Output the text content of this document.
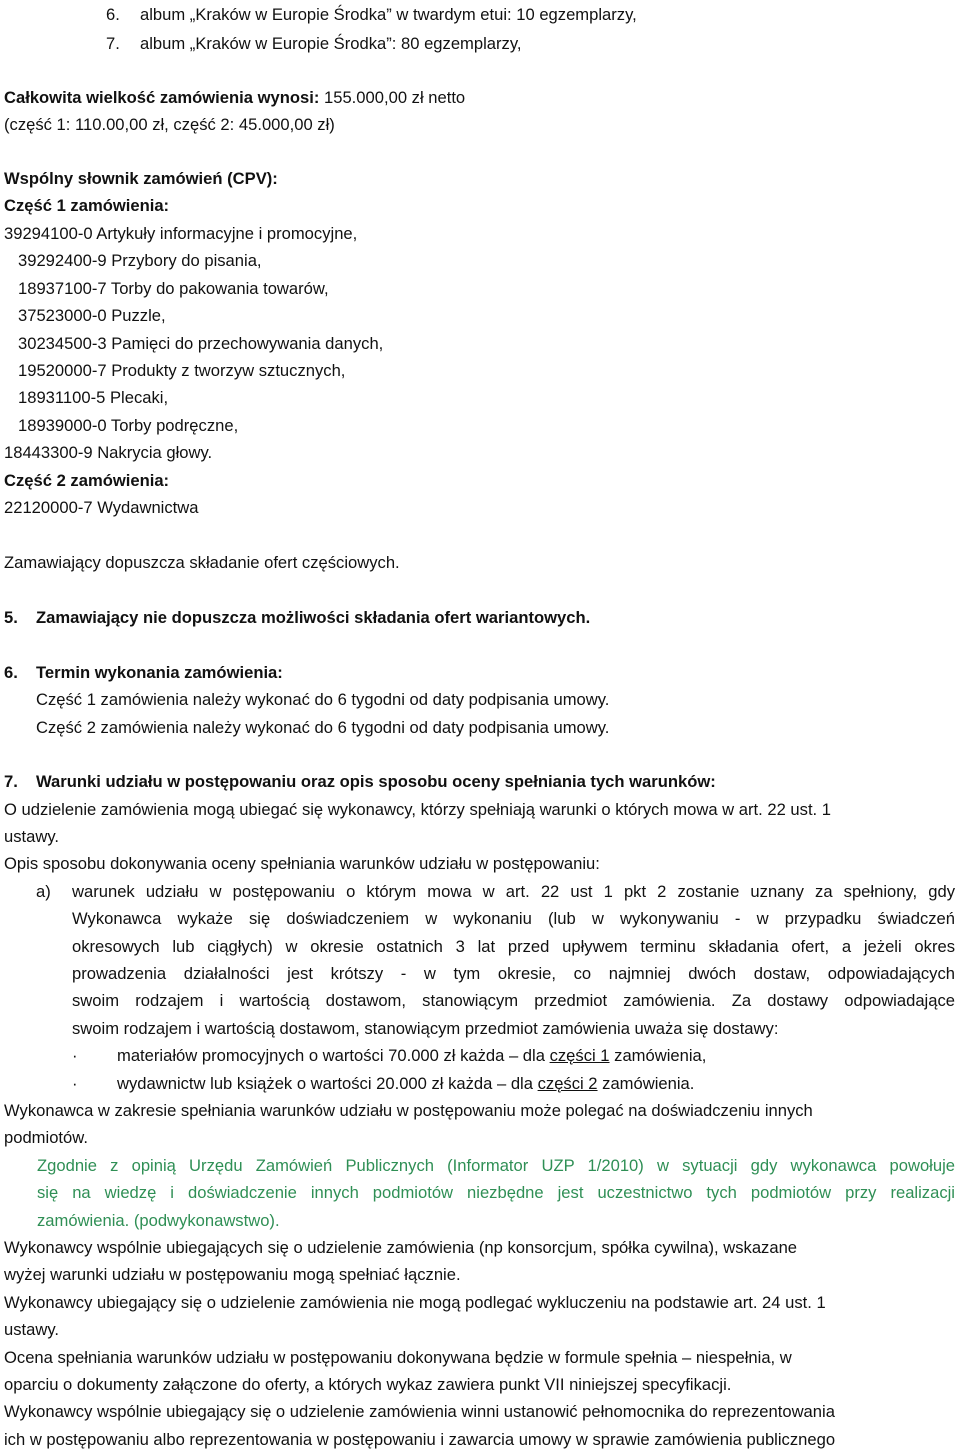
6. album „Kraków w Europie Środka” w twardym etui: 10 egzemplarzy,
7. album „Kraków w Europie Środka”: 80 egzemplarzy,
Całkowita wielkość zamówienia wynosi: 155.000,00 zł netto
(część 1: 110.00,00 zł, część 2: 45.000,00 zł)
Wspólny słownik zamówień (CPV):
Część 1 zamówienia:
39294100-0 Artykuły informacyjne i promocyjne,
39292400-9 Przybory do pisania,
18937100-7 Torby do pakowania towarów,
37523000-0 Puzzle,
30234500-3 Pamięci do przechowywania danych,
19520000-7 Produkty z tworzyw sztucznych,
18931100-5 Plecaki,
18939000-0 Torby podręczne,
18443300-9 Nakrycia głowy.
Część 2 zamówienia:
22120000-7 Wydawnictwa
Zamawiający dopuszcza składanie ofert częściowych.
5. Zamawiający nie dopuszcza możliwości składania ofert wariantowych.
6. Termin wykonania zamówienia:
Część 1 zamówienia należy wykonać do 6 tygodni od daty podpisania umowy.
Część 2 zamówienia należy wykonać do 6 tygodni od daty podpisania umowy.
7. Warunki udziału w postępowaniu oraz opis sposobu oceny spełniania tych warunków:
O udzielenie zamówienia mogą ubiegać się wykonawcy, którzy spełniają warunki o których mowa w art. 22 ust. 1
ustawy.
Opis sposobu dokonywania oceny spełniania warunków udziału w postępowaniu:
a) warunek udziału w postępowaniu o którym mowa w art. 22 ust 1 pkt 2 zostanie uznany za spełniony, gdy
Wykonawca wykaże się doświadczeniem w wykonaniu (lub w wykonywaniu - w przypadku świadczeń
okresowych lub ciągłych) w okresie ostatnich 3 lat przed upływem terminu składania ofert, a jeżeli okres
prowadzenia działalności jest krótszy - w tym okresie, co najmniej dwóch dostaw, odpowiadających
swoim rodzajem i wartością dostawom, stanowiącym przedmiot zamówienia. Za dostawy odpowiadające
swoim rodzajem i wartością dostawom, stanowiącym przedmiot zamówienia uważa się dostawy:
· materiałów promocyjnych o wartości 70.000 zł każda – dla części 1 zamówienia,
· wydawnictw lub książek o wartości 20.000 zł każda – dla części 2 zamówienia.
Wykonawca w zakresie spełniania warunków udziału w postępowaniu może polegać na doświadczeniu innych
podmiotów.
Zgodnie z opinią Urzędu Zamówień Publicznych (Informator UZP 1/2010) w sytuacji gdy wykonawca powołuje
się na wiedzę i doświadczenie innych podmiotów niezbędne jest uczestnictwo tych podmiotów przy realizacji
zamówienia. (podwykonawstwo).
Wykonawcy wspólnie ubiegających się o udzielenie zamówienia (np konsorcjum, spółka cywilna), wskazane
wyżej warunki udziału w postępowaniu mogą spełniać łącznie.
Wykonawcy ubiegający się o udzielenie zamówienia nie mogą podlegać wykluczeniu na podstawie art. 24 ust. 1
ustawy.
Ocena spełniania warunków udziału w postępowaniu dokonywana będzie w formule spełnia – niespełnia, w
oparciu o dokumenty załączone do oferty, a których wykaz zawiera punkt VII niniejszej specyfikacji.
Wykonawcy wspólnie ubiegający się o udzielenie zamówienia winni ustanowić pełnomocnika do reprezentowania
ich w postępowaniu albo reprezentowania w postępowaniu i zawarcia umowy w sprawie zamówienia publicznego
